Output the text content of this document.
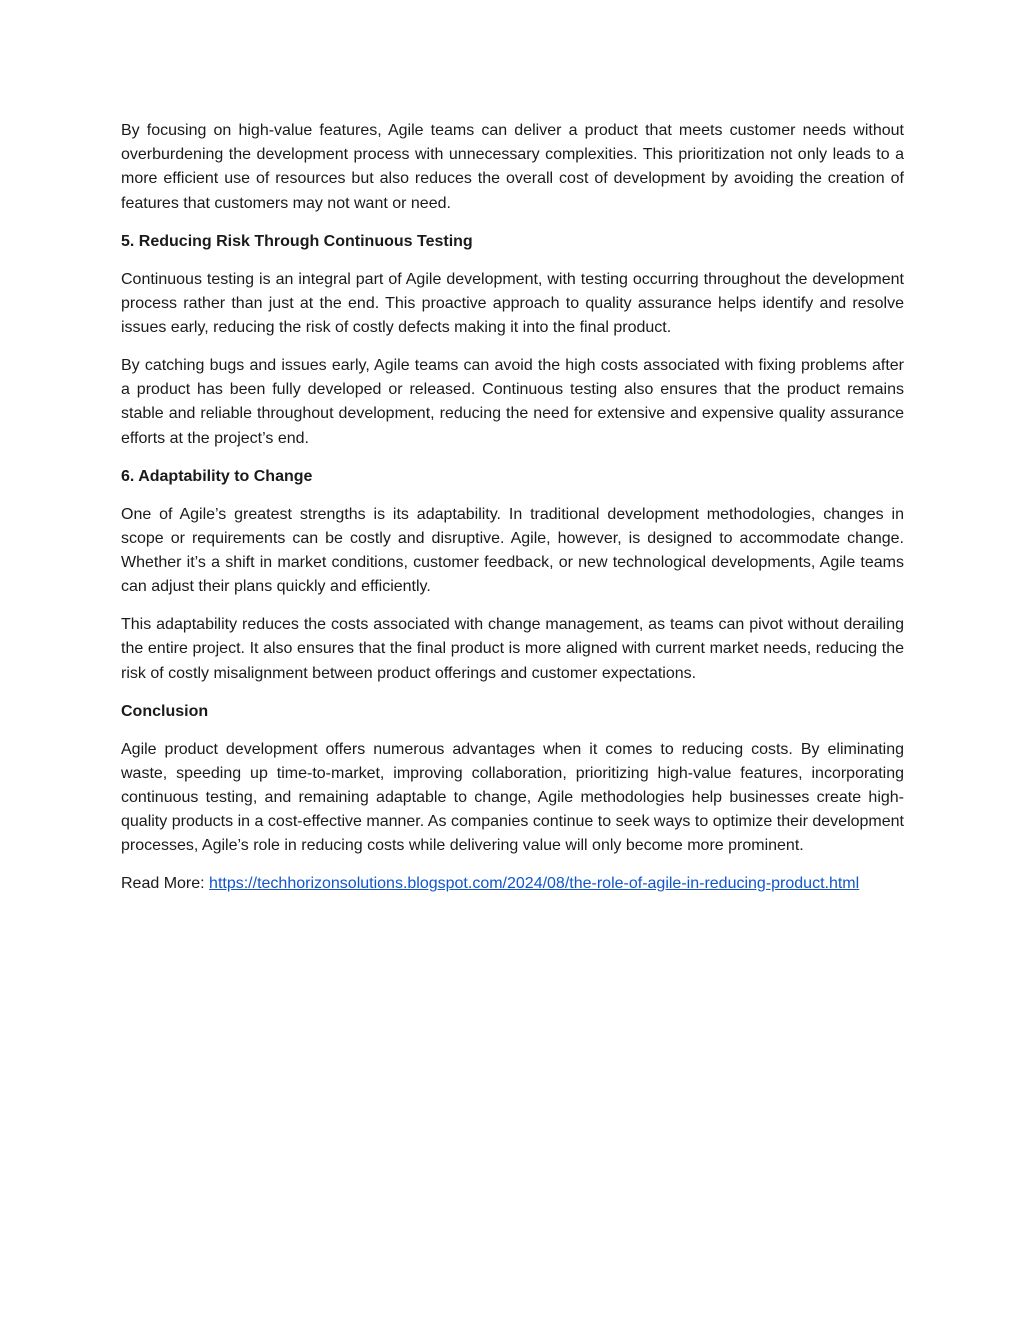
By focusing on high-value features, Agile teams can deliver a product that meets customer needs without overburdening the development process with unnecessary complexities. This prioritization not only leads to a more efficient use of resources but also reduces the overall cost of development by avoiding the creation of features that customers may not want or need.

5. Reducing Risk Through Continuous Testing

Continuous testing is an integral part of Agile development, with testing occurring throughout the development process rather than just at the end. This proactive approach to quality assurance helps identify and resolve issues early, reducing the risk of costly defects making it into the final product.

By catching bugs and issues early, Agile teams can avoid the high costs associated with fixing problems after a product has been fully developed or released. Continuous testing also ensures that the product remains stable and reliable throughout development, reducing the need for extensive and expensive quality assurance efforts at the project’s end.

6. Adaptability to Change

One of Agile’s greatest strengths is its adaptability. In traditional development methodologies, changes in scope or requirements can be costly and disruptive. Agile, however, is designed to accommodate change. Whether it’s a shift in market conditions, customer feedback, or new technological developments, Agile teams can adjust their plans quickly and efficiently.

This adaptability reduces the costs associated with change management, as teams can pivot without derailing the entire project. It also ensures that the final product is more aligned with current market needs, reducing the risk of costly misalignment between product offerings and customer expectations.

Conclusion

Agile product development offers numerous advantages when it comes to reducing costs. By eliminating waste, speeding up time-to-market, improving collaboration, prioritizing high-value features, incorporating continuous testing, and remaining adaptable to change, Agile methodologies help businesses create high-quality products in a cost-effective manner. As companies continue to seek ways to optimize their development processes, Agile’s role in reducing costs while delivering value will only become more prominent.

Read More: https://techhorizonsolutions.blogspot.com/2024/08/the-role-of-agile-in-reducing-product.html
